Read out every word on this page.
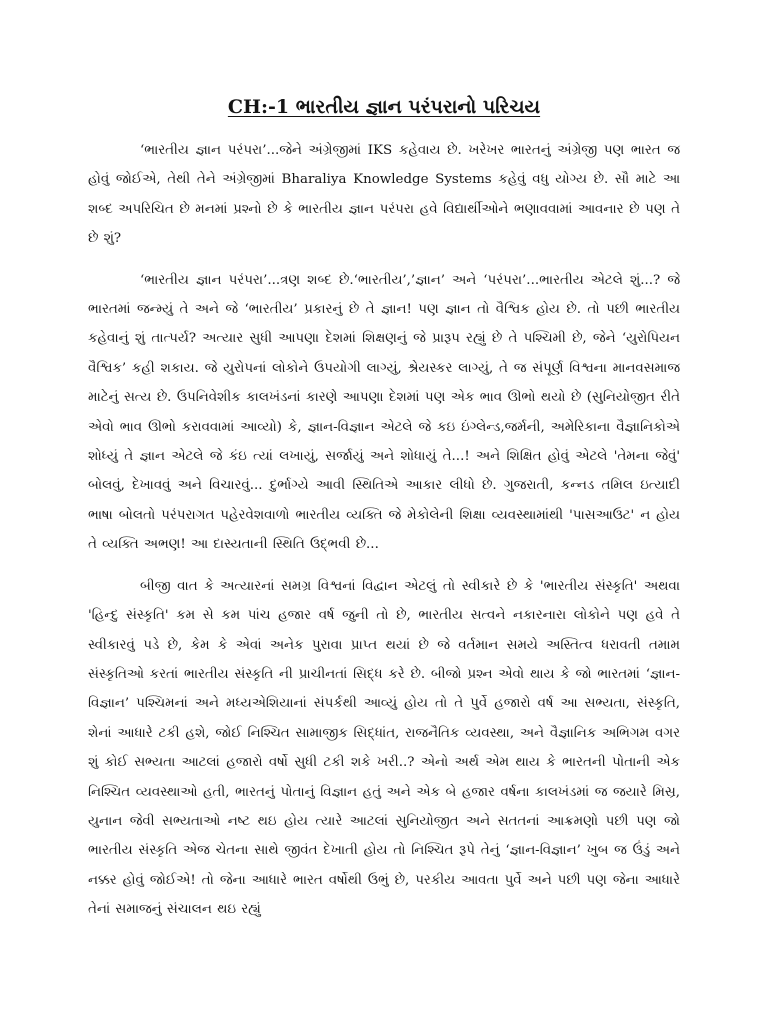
CH:-1 ભારતીય જ્ઞાન પરંપરાનો પરિચય

‘ભારતીય જ્ઞાન પરંપરા’...જેને અંગ્રેજીમાં IKS કહેવાય છે. ખરેખર ભારતનું અંગ્રેજી પણ ભારત જ હોવું જોઈએ, તેથી તેને અંગ્રેજીમાં Bharaliya Knowledge Systems કહેવું વધુ યોગ્ય છે. સૌ માટે આ શબ્દ અપરિચિત છે મનમાં પ્રશ્નો છે કે ભારતીય જ્ઞાન પરંપરા હવે વિદ્યાર્થીઓને ભણાવવામાં આવનાર છે પણ તે છે શું?

‘ભારતીય જ્ઞાન પરંપરા’...ત્રણ શબ્દ છે.‘ભારતીય’,’જ્ઞાન’ અને ‘પરંપરા’...ભારતીય એટલે શું...? જે ભારતમાં જન્મ્યું તે અને જે ‘ભારતીય’ પ્રકારનું છે તે જ્ઞાન! પણ જ્ઞાન તો વૈશ્વિક હોય છે. તો પછી ભારતીય કહેવાનું શું તાત્પર્ય? અત્યાર સુધી આપણા દેશમાં શિક્ષણનું જે પ્રારૂપ રહ્યું છે તે પશ્ચિમી છે, જેને ‘યુરોપિયન વૈશ્વિક’ કહી શકાય. જે યુરોપનાં લોકોને ઉપયોગી લાગ્યું, શ્રેયસ્કર લાગ્યું, તે જ સંપૂર્ણ વિશ્વના માનવસમાજ માટેનું સત્ય છે. ઉપનિવેશીક કાલખંડનાં કારણે આપણા દેશમાં પણ એક ભાવ ઊભો થયો છે (સુનિયોજીત રીતે એવો ભાવ ઊભો કરાવવામાં આવ્યો) કે, જ્ઞાન-વિજ્ઞાન એટલે જે કઇ ઇંગ્લેન્ડ,જર્મની, અમેરિકાના વૈજ્ઞાનિકોએ શોધ્યું તે જ્ઞાન એટલે જે કંઇ ત્યાં લખાયું, સર્જાયું અને શોધાયું તે...! અને શિક્ષિત હોવું એટલે 'તેમના જેવું' બોલવું, દેખાવવું અને વિચારવું... દુર્ભાગ્યે આવી સ્થિતિએ આકાર લીધો છે. ગુજરાતી, કન્નડ તમિલ ઇત્યાદી ભાષા બોલતો પરંપરાગત પહેરવેશવાળો ભારતીય વ્યક્તિ જે મેકોલેની શિક્ષા વ્યવસ્થામાંથી 'પાસઆઉટ' ન હોય તે વ્યક્તિ અભણ! આ દાસ્યતાની સ્થિતિ ઉદ્ભવી છે...

બીજી વાત કે અત્યારનાં સમગ્ર વિશ્વનાં વિદ્વાન એટલું તો સ્વીકારે છે કે 'ભારતીય સંસ્કૃતિ' અથવા 'હિન્દુ સંસ્કૃતિ' કમ સે કમ પાંચ હજાર વર્ષ જુની તો છે, ભારતીય સત્વને નકારનારા લોકોને પણ હવે તે સ્વીકારવું પડે છે, કેમ કે એવાં અનેક પુરાવા પ્રાપ્ત થયાં છે જે વર્તમાન સમયે અસ્તિત્વ ધરાવતી તમામ સંસ્કૃતિઓ કરતાં ભારતીય સંસ્કૃતિ ની પ્રાચીનતાં સિદ્ધ કરે છે. બીજો પ્રશ્ન એવો થાય કે જો ભારતમાં ‘જ્ઞાન-વિજ્ઞાન’ પશ્ચિમનાં અને મધ્યએશિયાનાં સંપર્કથી આવ્યું હોય તો તે પુર્વે હજારો વર્ષ આ સભ્યતા, સંસ્કૃતિ, શેનાં આધારે ટકી હશે, જોઈ નિશ્ચિત સામાજીક સિદ્ધાંત, રાજનૈતિક વ્યવસ્થા, અને વૈજ્ઞાનિક અભિગમ વગર શું કોઈ સભ્યતા આટલાં હજારો વર્ષો સુધી ટકી શકે ખરી..? એનો અર્થ એમ થાય કે ભારતની પોતાની એક નિશ્ચિત વ્યવસ્થાઓ હતી, ભારતનું પોતાનું વિજ્ઞાન હતું અને એક બે હજાર વર્ષના કાલખંડમાં જ જયારે મિસ્ર, યુનાન જેવી સભ્યતાઓ નષ્ટ થઇ હોય ત્યારે આટલાં સુનિયોજીત અને સતતનાં આક્રમણો પછી પણ જો ભારતીય સંસ્કૃતિ એજ ચેતના સાથે જીવંત દેખાતી હોય તો નિશ્ચિત રૂપે તેનું ‘જ્ઞાન-વિજ્ઞાન’ ખુબ જ ઉંડું અને નક્કર હોવું જોઈએ! તો જેના આધારે ભારત વર્ષોથી ઉભું છે, પરકીય આવતા પુર્વે અને પછી પણ જેના આધારે તેનાં સમાજનું સંચાલન થઇ રહ્યું
